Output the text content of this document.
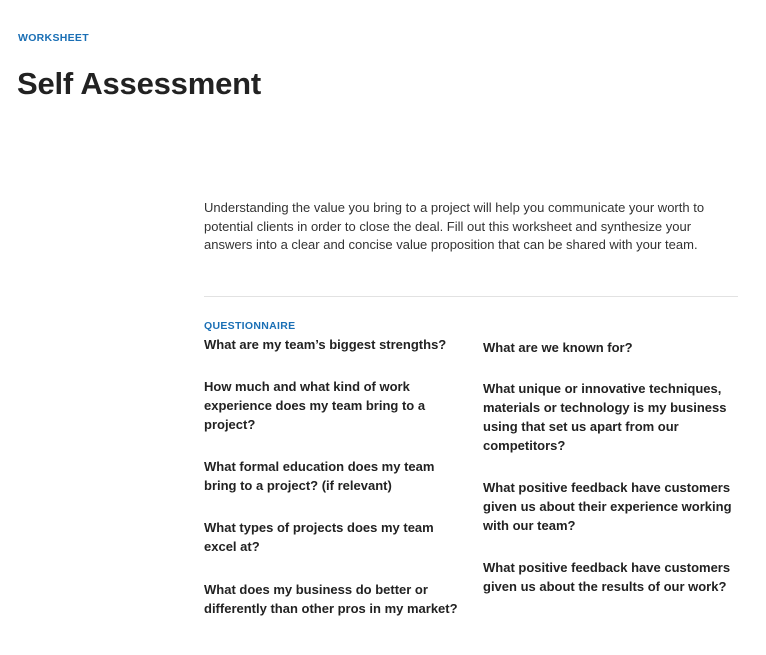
WORKSHEET
Self Assessment

Understanding the value you bring to a project will help you communicate your worth to potential clients in order to close the deal. Fill out this worksheet and synthesize your answers into a clear and concise value proposition that can be shared with your team.

QUESTIONNAIRE

What are my team’s biggest strengths?

How much and what kind of work experience does my team bring to a project?

What formal education does my team bring to a project? (if relevant)

What types of projects does my team excel at?

What does my business do better or differently than other pros in my market?

What are we known for?

What unique or innovative techniques, materials or technology is my business using that set us apart from our competitors?

What positive feedback have customers given us about their experience working with our team?

What positive feedback have customers given us about the results of our work?
